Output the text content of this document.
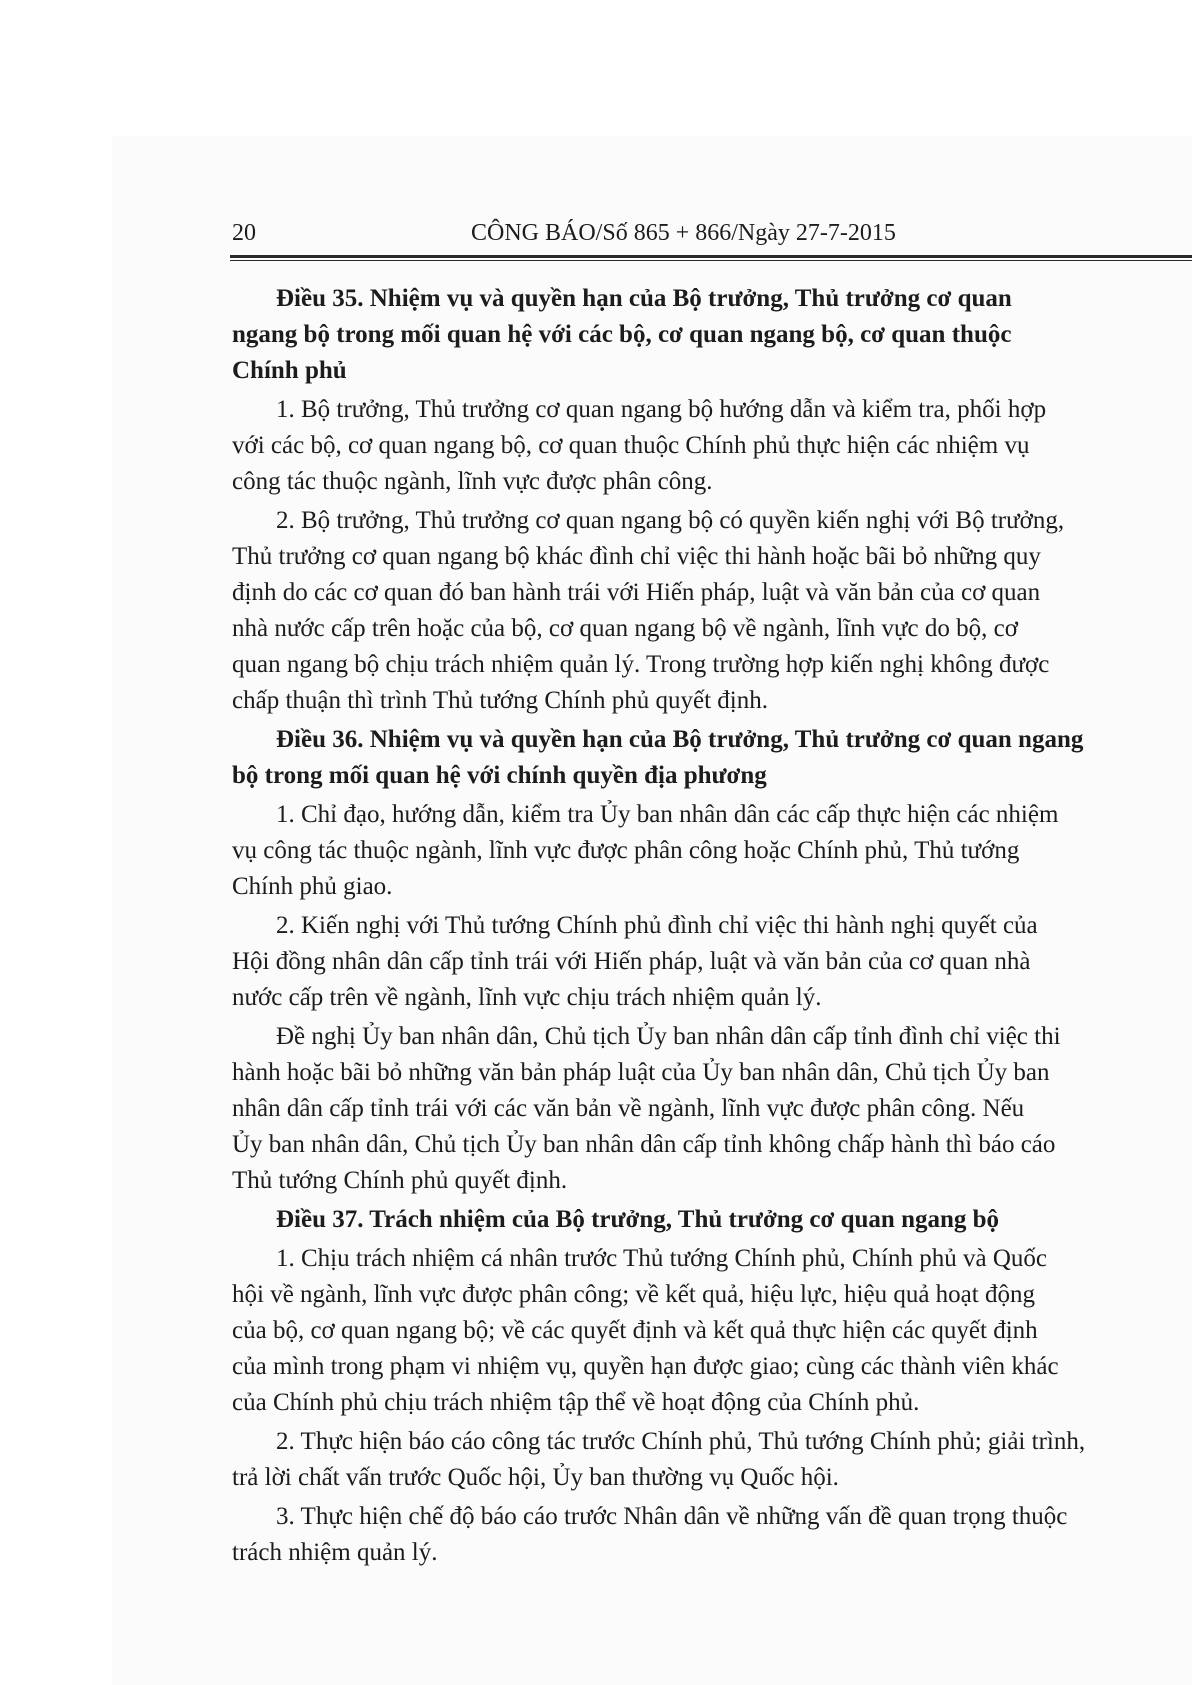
20	CÔNG BÁO/Số 865 + 866/Ngày 27-7-2015

Điều 35. Nhiệm vụ và quyền hạn của Bộ trưởng, Thủ trưởng cơ quan
ngang bộ trong mối quan hệ với các bộ, cơ quan ngang bộ, cơ quan thuộc
Chính phủ

1. Bộ trưởng, Thủ trưởng cơ quan ngang bộ hướng dẫn và kiểm tra, phối hợp
với các bộ, cơ quan ngang bộ, cơ quan thuộc Chính phủ thực hiện các nhiệm vụ
công tác thuộc ngành, lĩnh vực được phân công.

2. Bộ trưởng, Thủ trưởng cơ quan ngang bộ có quyền kiến nghị với Bộ trưởng,
Thủ trưởng cơ quan ngang bộ khác đình chỉ việc thi hành hoặc bãi bỏ những quy
định do các cơ quan đó ban hành trái với Hiến pháp, luật và văn bản của cơ quan
nhà nước cấp trên hoặc của bộ, cơ quan ngang bộ về ngành, lĩnh vực do bộ, cơ
quan ngang bộ chịu trách nhiệm quản lý. Trong trường hợp kiến nghị không được
chấp thuận thì trình Thủ tướng Chính phủ quyết định.

Điều 36. Nhiệm vụ và quyền hạn của Bộ trưởng, Thủ trưởng cơ quan ngang
bộ trong mối quan hệ với chính quyền địa phương

1. Chỉ đạo, hướng dẫn, kiểm tra Ủy ban nhân dân các cấp thực hiện các nhiệm
vụ công tác thuộc ngành, lĩnh vực được phân công hoặc Chính phủ, Thủ tướng
Chính phủ giao.

2. Kiến nghị với Thủ tướng Chính phủ đình chỉ việc thi hành nghị quyết của
Hội đồng nhân dân cấp tỉnh trái với Hiến pháp, luật và văn bản của cơ quan nhà
nước cấp trên về ngành, lĩnh vực chịu trách nhiệm quản lý.

Đề nghị Ủy ban nhân dân, Chủ tịch Ủy ban nhân dân cấp tỉnh đình chỉ việc thi
hành hoặc bãi bỏ những văn bản pháp luật của Ủy ban nhân dân, Chủ tịch Ủy ban
nhân dân cấp tỉnh trái với các văn bản về ngành, lĩnh vực được phân công. Nếu
Ủy ban nhân dân, Chủ tịch Ủy ban nhân dân cấp tỉnh không chấp hành thì báo cáo
Thủ tướng Chính phủ quyết định.

Điều 37. Trách nhiệm của Bộ trưởng, Thủ trưởng cơ quan ngang bộ

1. Chịu trách nhiệm cá nhân trước Thủ tướng Chính phủ, Chính phủ và Quốc
hội về ngành, lĩnh vực được phân công; về kết quả, hiệu lực, hiệu quả hoạt động
của bộ, cơ quan ngang bộ; về các quyết định và kết quả thực hiện các quyết định
của mình trong phạm vi nhiệm vụ, quyền hạn được giao; cùng các thành viên khác
của Chính phủ chịu trách nhiệm tập thể về hoạt động của Chính phủ.

2. Thực hiện báo cáo công tác trước Chính phủ, Thủ tướng Chính phủ; giải trình,
trả lời chất vấn trước Quốc hội, Ủy ban thường vụ Quốc hội.

3. Thực hiện chế độ báo cáo trước Nhân dân về những vấn đề quan trọng thuộc
trách nhiệm quản lý.
